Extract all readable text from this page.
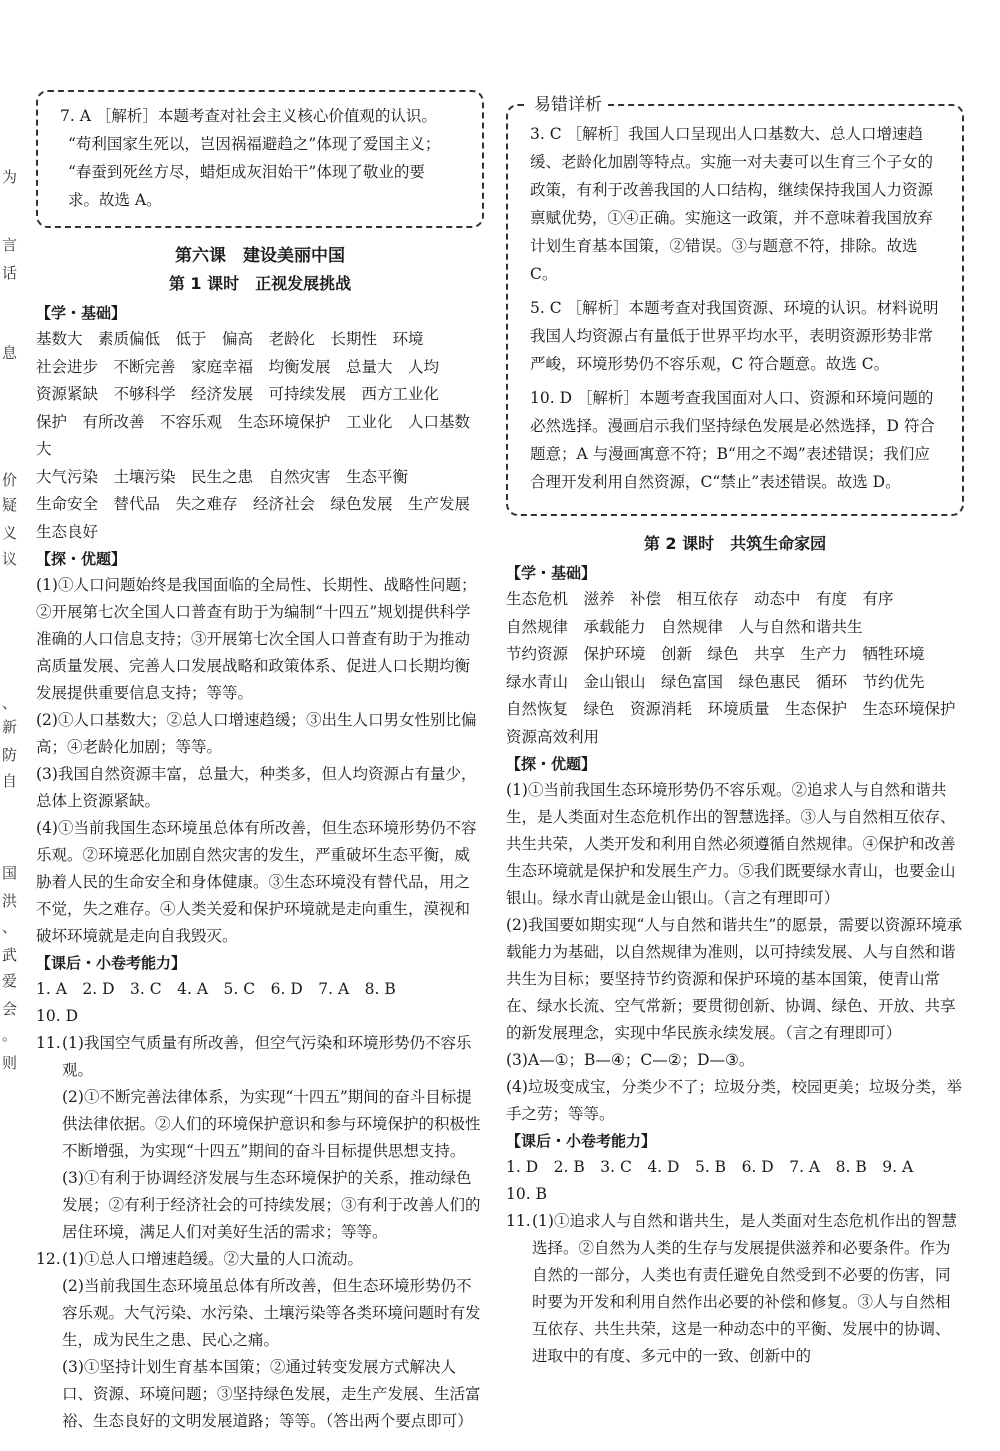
为
言
话
息
价
疑
义
议
、
新
防
自
国
洪
、
武
爱
会
。
则

7. A ［解析］本题考查对社会主义核心价值观的认识。

“苟利国家生死以，岂因祸福避趋之”体现了爱国主义；

“春蚕到死丝方尽，蜡炬成灰泪始干”体现了敬业的要

求。故选 A。

第六课　建设美丽中国
第 1 课时　正视发展挑战
【学・基础】
基数大　素质偏低　低于　偏高　老龄化　长期性　环境
社会进步　不断完善　家庭幸福　均衡发展　总量大　人均
资源紧缺　不够科学　经济发展　可持续发展　西方工业化
保护　有所改善　不容乐观　生态环境保护　工业化　人口基数大
大气污染　土壤污染　民生之患　自然灾害　生态平衡
生命安全　替代品　失之难存　经济社会　绿色发展　生产发展
生态良好
【探・优题】

(1)①人口问题始终是我国面临的全局性、长期性、战略性问题；②开展第七次全国人口普查有助于为编制“十四五”规划提供科学准确的人口信息支持；③开展第七次全国人口普查有助于为推动高质量发展、完善人口发展战略和政策体系、促进人口长期均衡发展提供重要信息支持；等等。

(2)①人口基数大；②总人口增速趋缓；③出生人口男女性别比偏高；④老龄化加剧；等等。

(3)我国自然资源丰富，总量大，种类多，但人均资源占有量少，总体上资源紧缺。

(4)①当前我国生态环境虽总体有所改善，但生态环境形势仍不容乐观。②环境恶化加剧自然灾害的发生，严重破坏生态平衡，威胁着人民的生命安全和身体健康。③生态环境没有替代品，用之不觉，失之难存。④人类关爱和保护环境就是走向重生，漠视和破坏环境就是走向自我毁灭。

【课后・小卷考能力】
1. A　2. D　3. C　4. A　5. C　6. D　7. A　8. B
10. D
11. (1)我国空气质量有所改善，但空气污染和环境形势仍不容乐观。

(2)①不断完善法律体系，为实现“十四五”期间的奋斗目标提供法律依据。②人们的环境保护意识和参与环境保护的积极性不断增强，为实现“十四五”期间的奋斗目标提供思想支持。

(3)①有利于协调经济发展与生态环境保护的关系，推动绿色发展；②有利于经济社会的可持续发展；③有利于改善人们的居住环境，满足人们对美好生活的需求；等等。

12. (1)①总人口增速趋缓。②大量的人口流动。

(2)当前我国生态环境虽总体有所改善，但生态环境形势仍不容乐观。大气污染、水污染、土壤污染等各类环境问题时有发生，成为民生之患、民心之痛。

(3)①坚持计划生育基本国策；②通过转变发展方式解决人口、资源、环境问题；③坚持绿色发展，走生产发展、生活富裕、生态良好的文明发展道路；等等。（答出两个要点即可）

易错详析

3. C ［解析］我国人口呈现出人口基数大、总人口增速趋缓、老龄化加剧等特点。实施一对夫妻可以生育三个子女的政策，有利于改善我国的人口结构，继续保持我国人力资源禀赋优势，①④正确。实施这一政策，并不意味着我国放弃计划生育基本国策，②错误。③与题意不符，排除。故选 C。

5. C ［解析］本题考查对我国资源、环境的认识。材料说明我国人均资源占有量低于世界平均水平，表明资源形势非常严峻，环境形势仍不容乐观，C 符合题意。故选 C。

10. D ［解析］本题考查我国面对人口、资源和环境问题的必然选择。漫画启示我们坚持绿色发展是必然选择，D 符合题意；A 与漫画寓意不符；B“用之不竭”表述错误；我们应合理开发利用自然资源，C“禁止”表述错误。故选 D。

第 2 课时　共筑生命家园
【学・基础】
生态危机　滋养　补偿　相互依存　动态中　有度　有序
自然规律　承载能力　自然规律　人与自然和谐共生
节约资源　保护环境　创新　绿色　共享　生产力　牺牲环境
绿水青山　金山银山　绿色富国　绿色惠民　循环　节约优先
自然恢复　绿色　资源消耗　环境质量　生态保护　生态环境保护
资源高效利用
【探・优题】

(1)①当前我国生态环境形势仍不容乐观。②追求人与自然和谐共生，是人类面对生态危机作出的智慧选择。③人与自然相互依存、共生共荣，人类开发和利用自然必须遵循自然规律。④保护和改善生态环境就是保护和发展生产力。⑤我们既要绿水青山，也要金山银山。绿水青山就是金山银山。（言之有理即可）

(2)我国要如期实现“人与自然和谐共生”的愿景，需要以资源环境承载能力为基础，以自然规律为准则，以可持续发展、人与自然和谐共生为目标；要坚持节约资源和保护环境的基本国策，使青山常在、绿水长流、空气常新；要贯彻创新、协调、绿色、开放、共享的新发展理念，实现中华民族永续发展。（言之有理即可）

(3)A—①；B—④；C—②；D—③。

(4)垃圾变成宝，分类少不了；垃圾分类，校园更美；垃圾分类，举手之劳；等等。

【课后・小卷考能力】
1. D　2. B　3. C　4. D　5. B　6. D　7. A　8. B　9. A
10. B
11. (1)①追求人与自然和谐共生，是人类面对生态危机作出的智慧选择。②自然为人类的生存与发展提供滋养和必要条件。作为自然的一部分，人类也有责任避免自然受到不必要的伤害，同时要为开发和利用自然作出必要的补偿和修复。③人与自然相互依存、共生共荣，这是一种动态中的平衡、发展中的协调、进取中的有度、多元中的一致、创新中的
